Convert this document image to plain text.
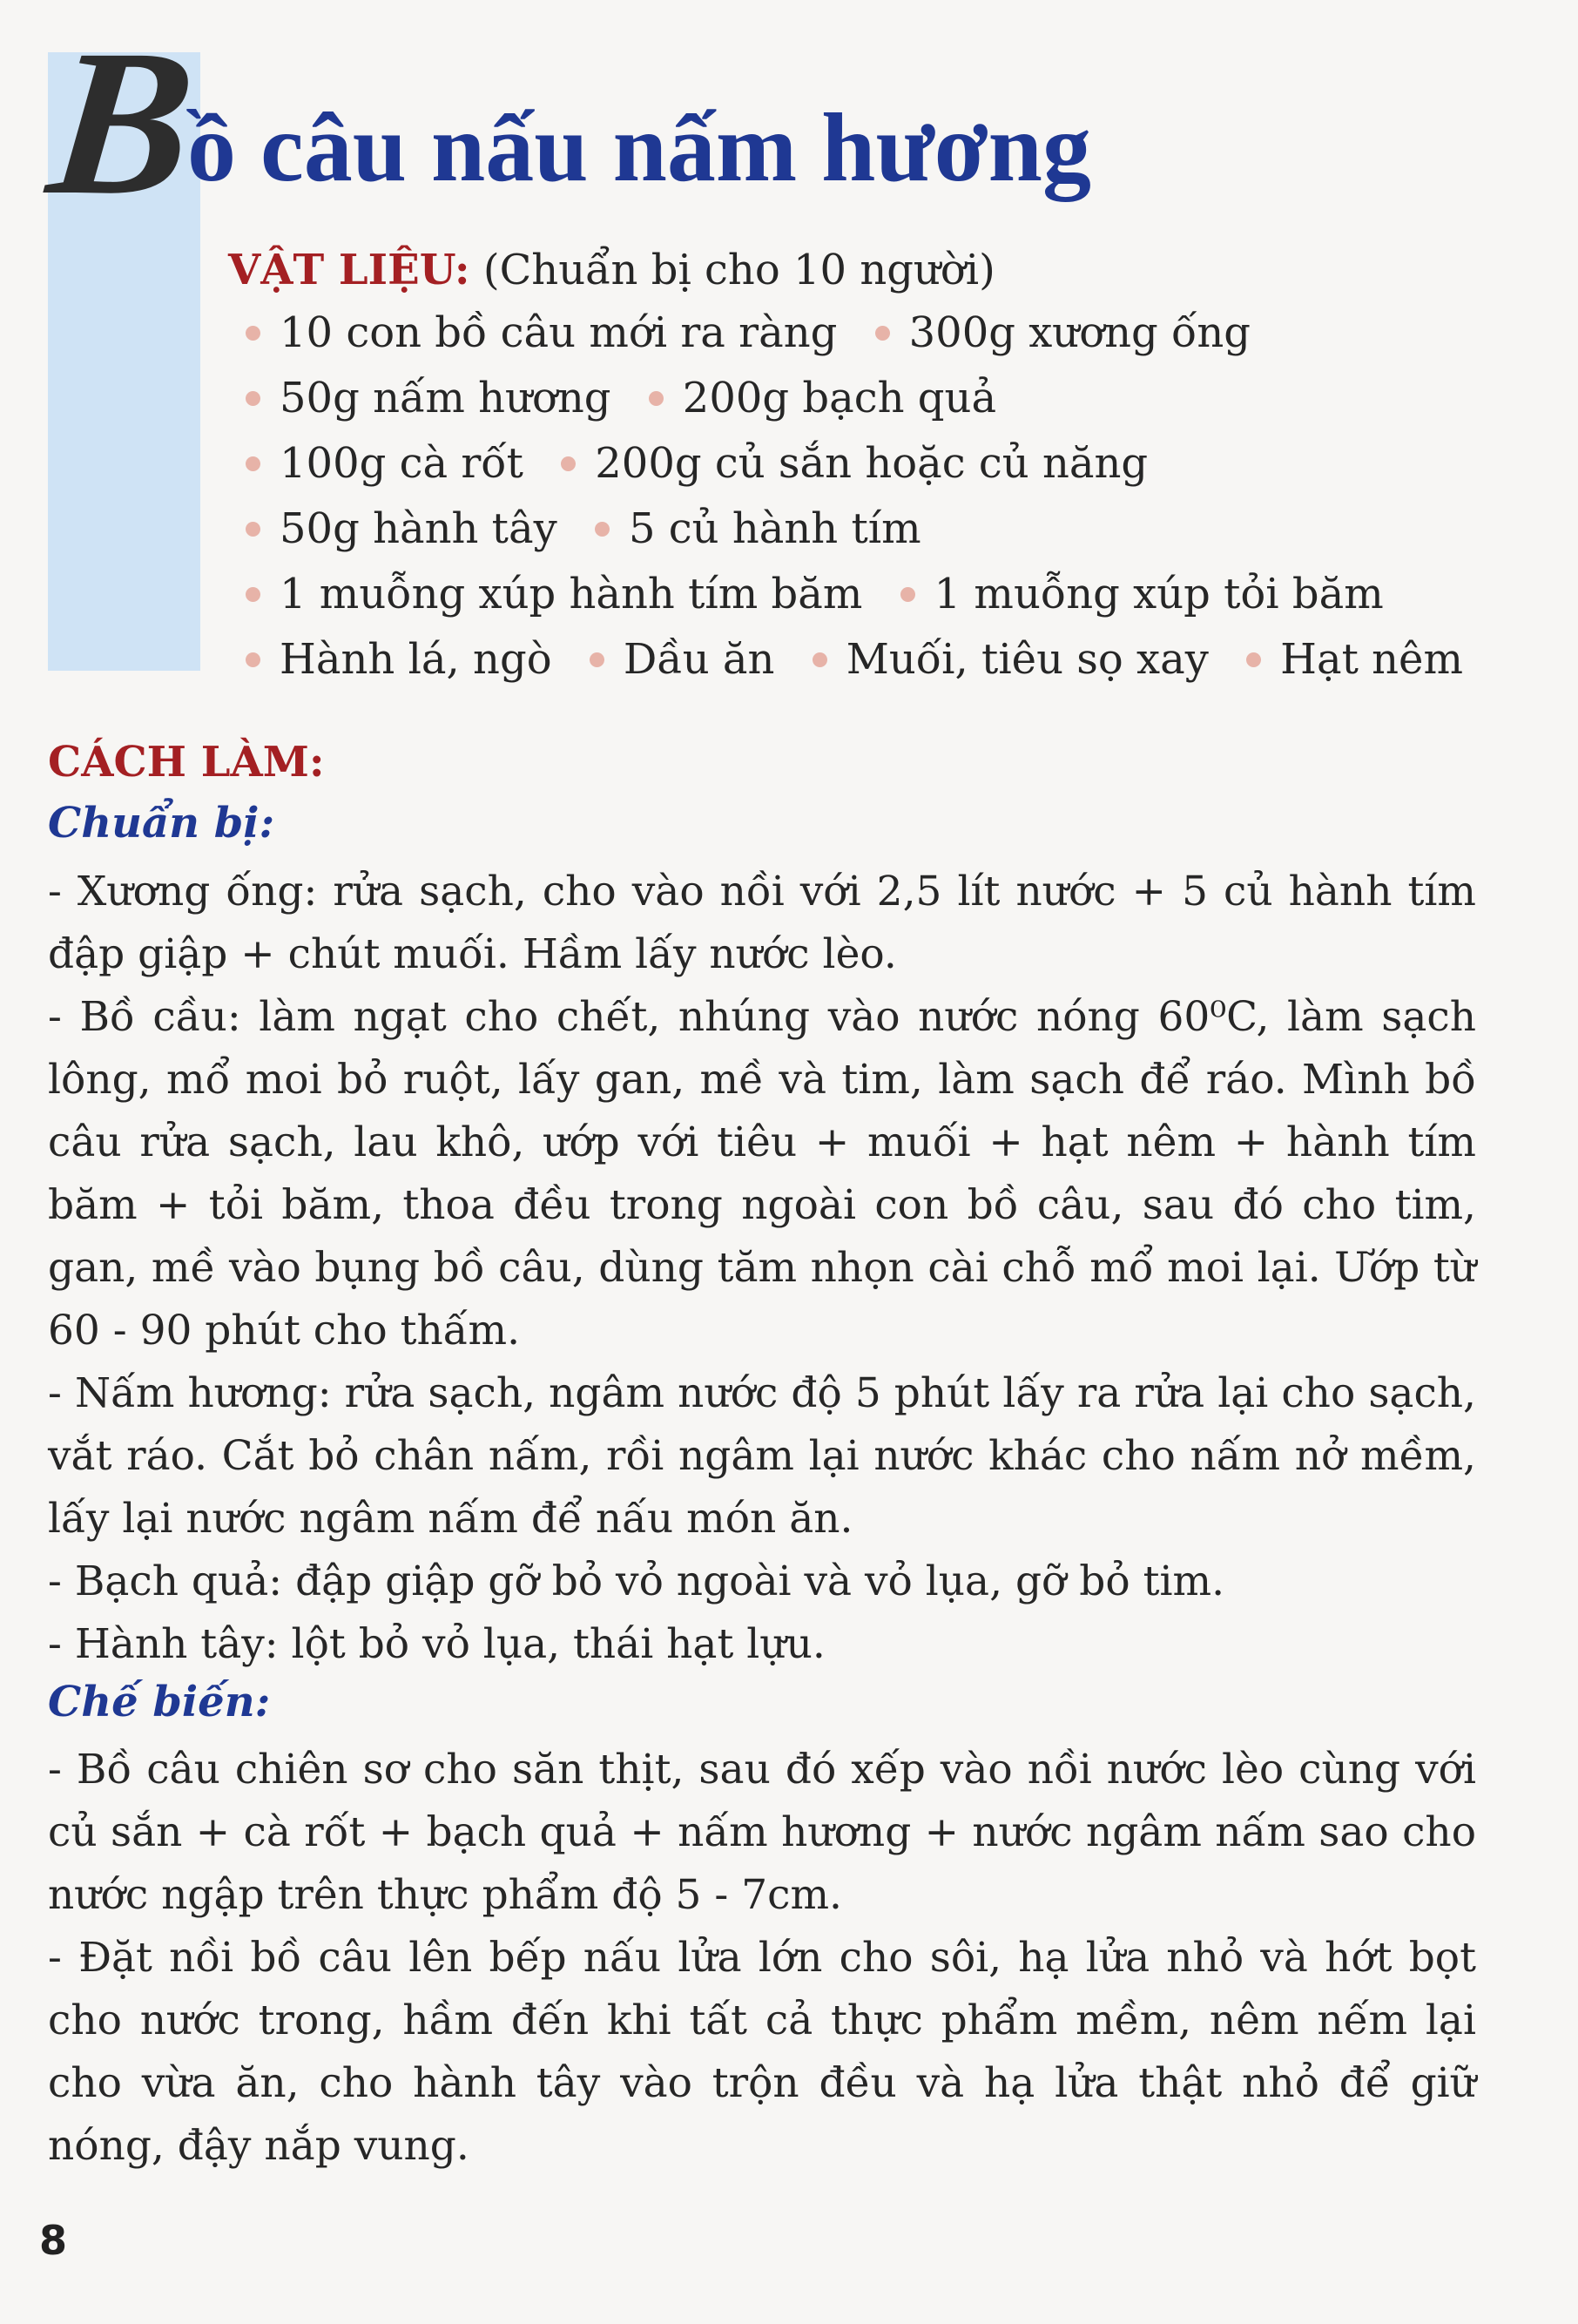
B
ồ câu nấu nấm hương
VẬT LIỆU: (Chuẩn bị cho 10 người)
10 con bồ câu mới ra ràng 300g xương ống
50g nấm hương 200g bạch quả
100g cà rốt 200g củ sắn hoặc củ năng
50g hành tây 5 củ hành tím
1 muỗng xúp hành tím băm 1 muỗng xúp tỏi băm
Hành lá, ngò Dầu ăn Muối, tiêu sọ xay Hạt nêm
CÁCH LÀM:
Chuẩn bị:
- Xương ống: rửa sạch, cho vào nồi với 2,5 lít nước + 5 củ hành tím đập giập + chút muối. Hầm lấy nước lèo.
- Bồ cầu: làm ngạt cho chết, nhúng vào nước nóng 60⁰C, làm sạch lông, mổ moi bỏ ruột, lấy gan, mề và tim, làm sạch để ráo. Mình bồ câu rửa sạch, lau khô, ướp với tiêu + muối + hạt nêm + hành tím băm + tỏi băm, thoa đều trong ngoài con bồ câu, sau đó cho tim, gan, mề vào bụng bồ câu, dùng tăm nhọn cài chỗ mổ moi lại. Ướp từ 60 - 90 phút cho thấm.
- Nấm hương: rửa sạch, ngâm nước độ 5 phút lấy ra rửa lại cho sạch, vắt ráo. Cắt bỏ chân nấm, rồi ngâm lại nước khác cho nấm nở mềm, lấy lại nước ngâm nấm để nấu món ăn.
- Bạch quả: đập giập gỡ bỏ vỏ ngoài và vỏ lụa, gỡ bỏ tim.
- Hành tây: lột bỏ vỏ lụa, thái hạt lựu.
Chế biến:
- Bồ câu chiên sơ cho săn thịt, sau đó xếp vào nồi nước lèo cùng với củ sắn + cà rốt + bạch quả + nấm hương + nước ngâm nấm sao cho nước ngập trên thực phẩm độ 5 - 7cm.
- Đặt nồi bồ câu lên bếp nấu lửa lớn cho sôi, hạ lửa nhỏ và hớt bọt cho nước trong, hầm đến khi tất cả thực phẩm mềm, nêm nếm lại cho vừa ăn, cho hành tây vào trộn đều và hạ lửa thật nhỏ để giữ nóng, đậy nắp vung.
8
